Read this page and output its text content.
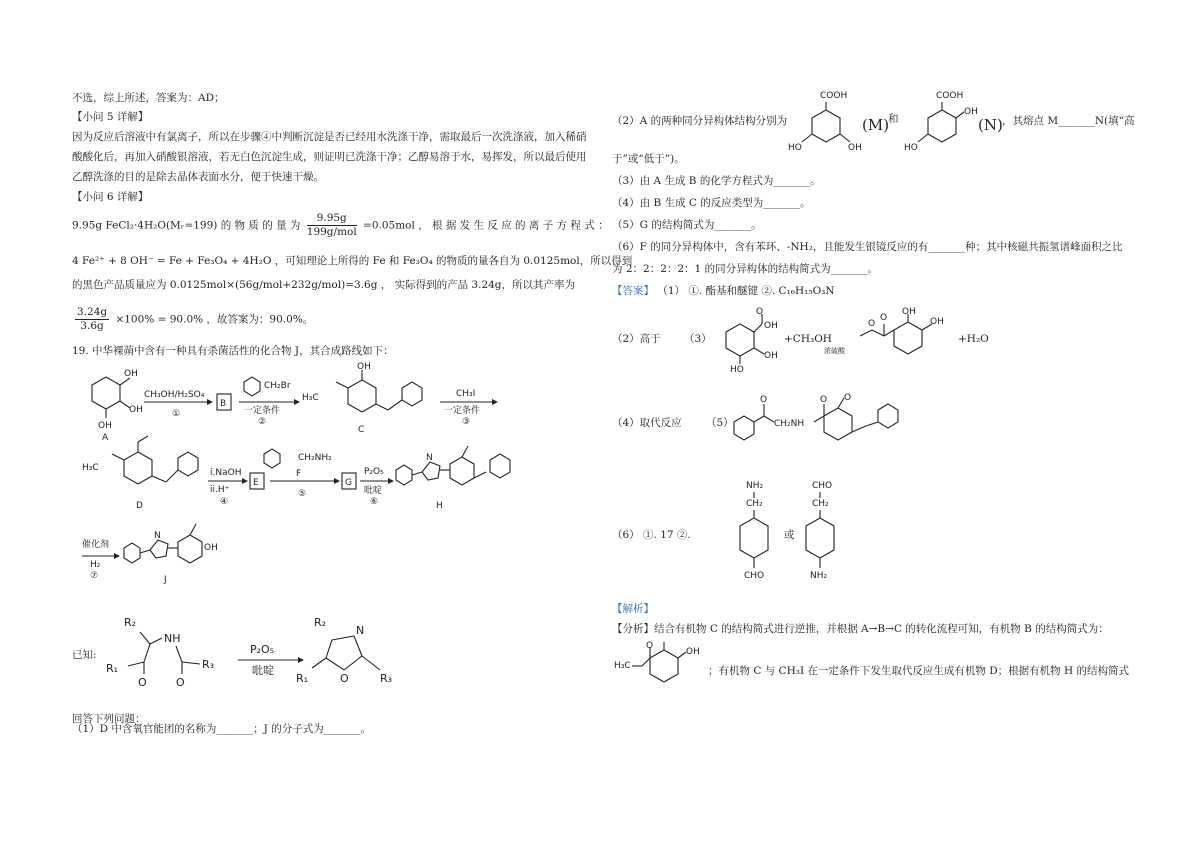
不选，综上所述，答案为：AD；
【小问 5 详解】
因为反应后溶液中有氯离子，所以在步骤④中判断沉淀是否已经用水洗涤干净，需取最后一次洗涤液，加入稀硝
酸酸化后，再加入硝酸银溶液，若无白色沉淀生成，则证明已洗涤干净；乙醇易溶于水，易挥发，所以最后使用
乙醇洗涤的目的是除去晶体表面水分，便于快速干燥。
【小问 6 详解】
9.95g FeCl₂·4H₂O(Mᵣ=199) 的 物 质 的 量 为 $\frac{9.95g}{\text{199g/mol}} =0.05mol$ ， 根 据 发 生 反 应 的 离 子 方 程 式 ：
4 Fe²⁺ + 8 OH⁻ = Fe + Fe₃O₄ + 4H₂O ，可知理论上所得的 Fe 和 Fe₃O₄ 的物质的量各自为 0.0125mol，所以得到
的黑色产品质量应为 0.0125mol×(56g/mol+232g/mol)=3.6g ， 实际得到的产品 3.24g，所以其产率为
$\frac{3.24g}{3.6g} \times 100\% = 90.0\%$ ，故答案为：90.0%。
19. 中华裸蒴中含有一种具有杀菌活性的化合物 J，其合成路线如下：
OH
OH
OH
A
CH₃OH/H₂SO₄
①
B
CH₂Br
一定条件
②
H₃C
OH
C
CH₃I
一定条件
③
H₃C
D
i.NaOH
ii.H⁺
④
E
CH₂NH₂
F
⑤
G
P₂O₅
吡啶
⑥
N
H
催化剂
H₂
⑦
N
OH
J
已知:
R₂
NH
R₁
O	O
R₃
P₂O₅
吡啶
R₂
N
O	R₃
R₁
回答下列问题：
（1）D 中含氧官能团的名称为_______；J 的分子式为_______。
（2）A 的两种同分异构体结构分别为
COOH
HO	OH
(M)
和
COOH
OH
HO
(N) ，其熔点 M_______N(填“高
于”或“低于”)。
（3）由 A 生成 B 的化学方程式为_______。
（4）由 B 生成 C 的反应类型为_______。
（5）G 的结构简式为_______。
（6）F 的同分异构体中，含有苯环、-NH₂，且能发生银镜反应的有_______种；其中核磁共振氢谱峰面积之比
为 2：2：2：2：1 的同分异构体的结构简式为_______。
【答案】 （1） ①. 酯基和醚键 ②. C₁₆H₁₅O₃N
（2）高于 （3）
O
OH
OH
HO
+CH₃OH
浓硫酸
O
O
OH
OH
+H₂O
（4）取代反应 （5）
O
CH₂NH
O O
（6） ①. 17 ②.
NH₂
CH₂
CHO
或
CHO
CH₂
NH₂
【解析】
【分析】结合有机物 C 的结构简式进行逆推，并根据 A→B→C 的转化流程可知，有机物 B 的结构简式为：
H₃C
O
OH
；有机物 C 与 CH₃I 在一定条件下发生取代反应生成有机物 D；根据有机物 H 的结构简式
